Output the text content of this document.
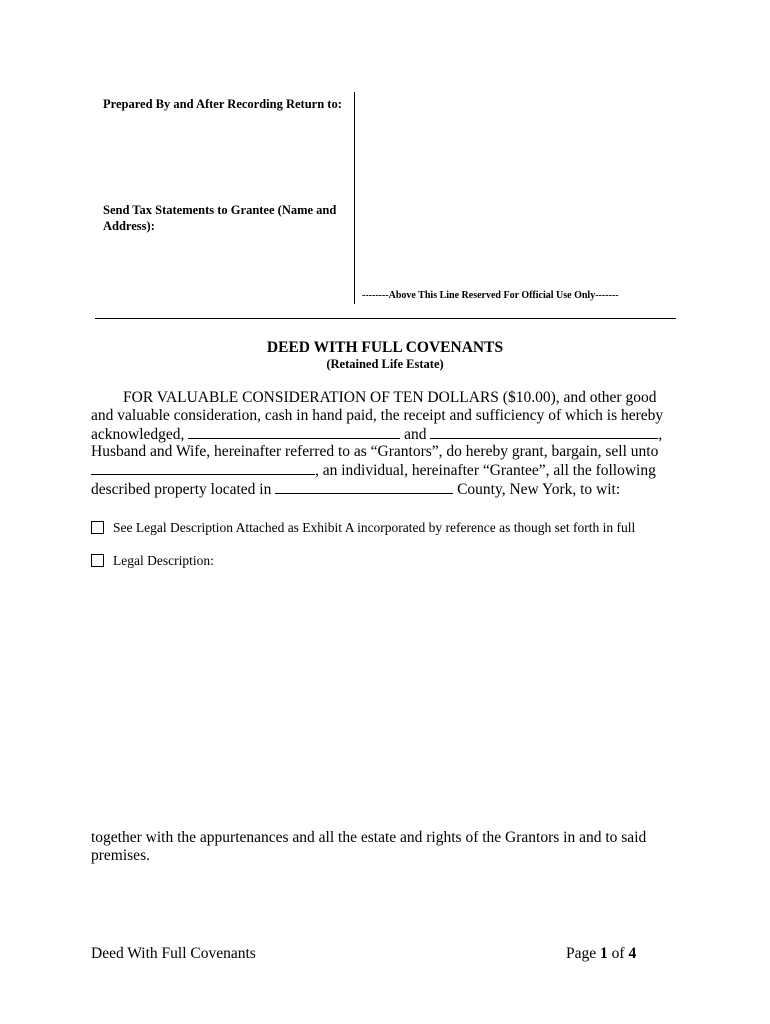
Prepared By and After Recording Return to:
Send Tax Statements to Grantee (Name and
Address):
--------Above This Line Reserved For Official Use Only-------
DEED WITH FULL COVENANTS
(Retained Life Estate)
FOR VALUABLE CONSIDERATION OF TEN DOLLARS ($10.00), and other good
and valuable consideration, cash in hand paid, the receipt and sufficiency of which is hereby
acknowledged,	and	,
Husband and Wife, hereinafter referred to as “Grantors”, do hereby grant, bargain, sell unto
, an individual, hereinafter “Grantee”, all the following
described property located in	County, New York, to wit:
See Legal Description Attached as Exhibit A incorporated by reference as though set forth in full
Legal Description:
together with the appurtenances and all the estate and rights of the Grantors in and to said
premises.
Deed With Full Covenants	Page 1 of 4
